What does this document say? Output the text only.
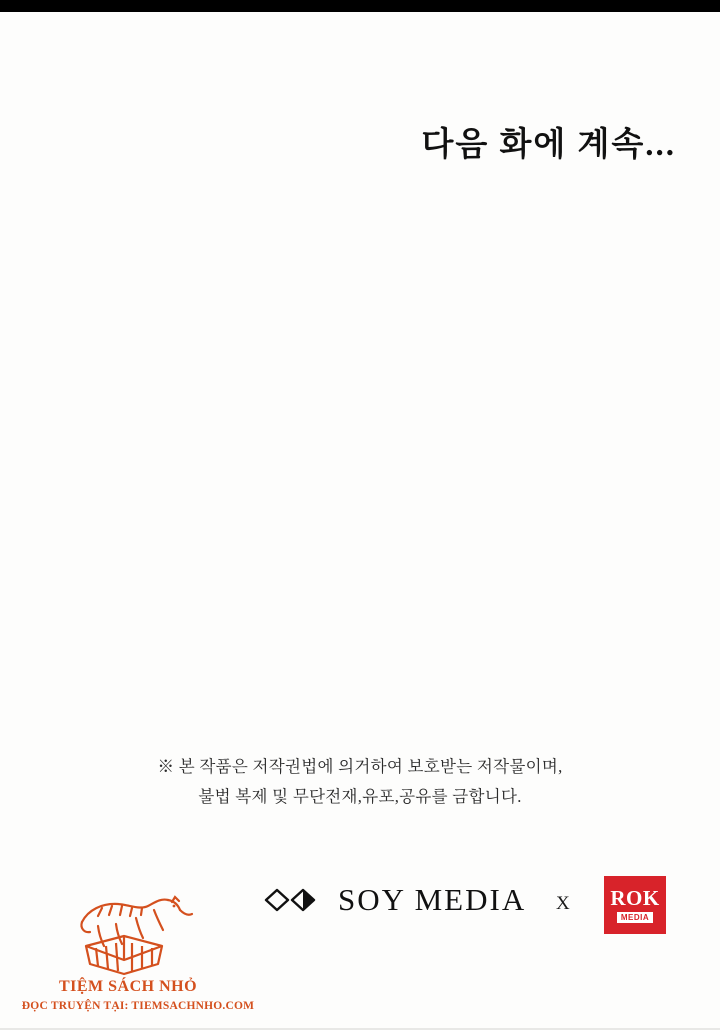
다음 화에 계속...
※ 본 작품은 저작권법에 의거하여 보호받는 저작물이며,
불법 복제 및 무단전재,유포,공유를 금합니다.
TIỆM SÁCH NHỎ
ĐỌC TRUYỆN TẠI: TIEMSACHNHO.COM
SOY MEDIA X ROK
MEDIA
